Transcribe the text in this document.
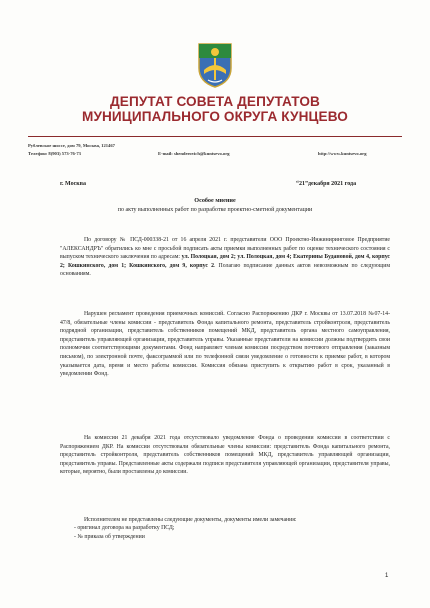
ДЕПУТАТ СОВЕТА ДЕПУТАТОВ
МУНИЦИПАЛЬНОГО ОКРУГА КУНЦЕВО
Рублевское шоссе, дом 79, Москва, 121467
Телефон: 8(903) 573-76-73	E-mail: shenderovich@kuntsevo.org	http://www.kuntsevo.org
г. Москва	“21”декабря 2021 года
Особое мнение
по акту выполненных работ по разработке проектно-сметной документации

По договору № ПСД-000338-21 от 16 апреля 2021 г. представители ООО Проектно-Инжиниринговое Предприятие "АЛЕКСАНДРЪ" обратились ко мне с просьбой подписать акты приемки выполненных работ по оценке технического состояния с выпуском технического заключения по адресам: ул. Полоцкая, дом 2; ул. Полоцкая, дом 4; Екатерины Будановой, дом 4, корпус 2; Кошкинского, дом 1; Кошкинского, дом 9, корпус 2. Полагаю подписание данных актов невозможным по следующим основаниям.

Нарушен регламент проведения приемочных комиссий. Согласно Распоряжению ДКР г. Москвы от 13.07.2018 №07-14-47/8, обязательные члены комиссии - представитель Фонда капитального ремонта, представитель стройконтроля, представитель подрядной организации, представитель собственников помещений МКД, представитель органа местного самоуправления, представитель управляющей организации, представитель управы. Указанные представители на комиссии должны подтвердить свои полномочия соответствующими документами. Фонд направляет членам комиссии посредством почтового отправления (заказным письмом), по электронной почте, факсограммой или по телефонной связи уведомление о готовности к приемке работ, в котором указывается дата, время и место работы комиссии. Комиссия обязана приступить к открытию работ в срок, указанный в уведомлении Фонд.

На комиссии 21 декабря 2021 года отсутствовало уведомление Фонда о проведении комиссии в соответствии с Распоряжением ДКР. На комиссии отсутствовали обязательные члены комиссии: представитель Фонда капитального ремонта, представитель стройконтроля, представитель собственников помещений МКД, представитель управляющей организации, представитель управы. Представленные акты содержали подписи представителя управляющей организации, представителя управы, которые, вероятно, были проставлены до комиссии.

Исполнителем не представлены следующие документы, документы имели замечания:

- оригинал договора на разработку ПСД;
- № приказа об утверждении
1
